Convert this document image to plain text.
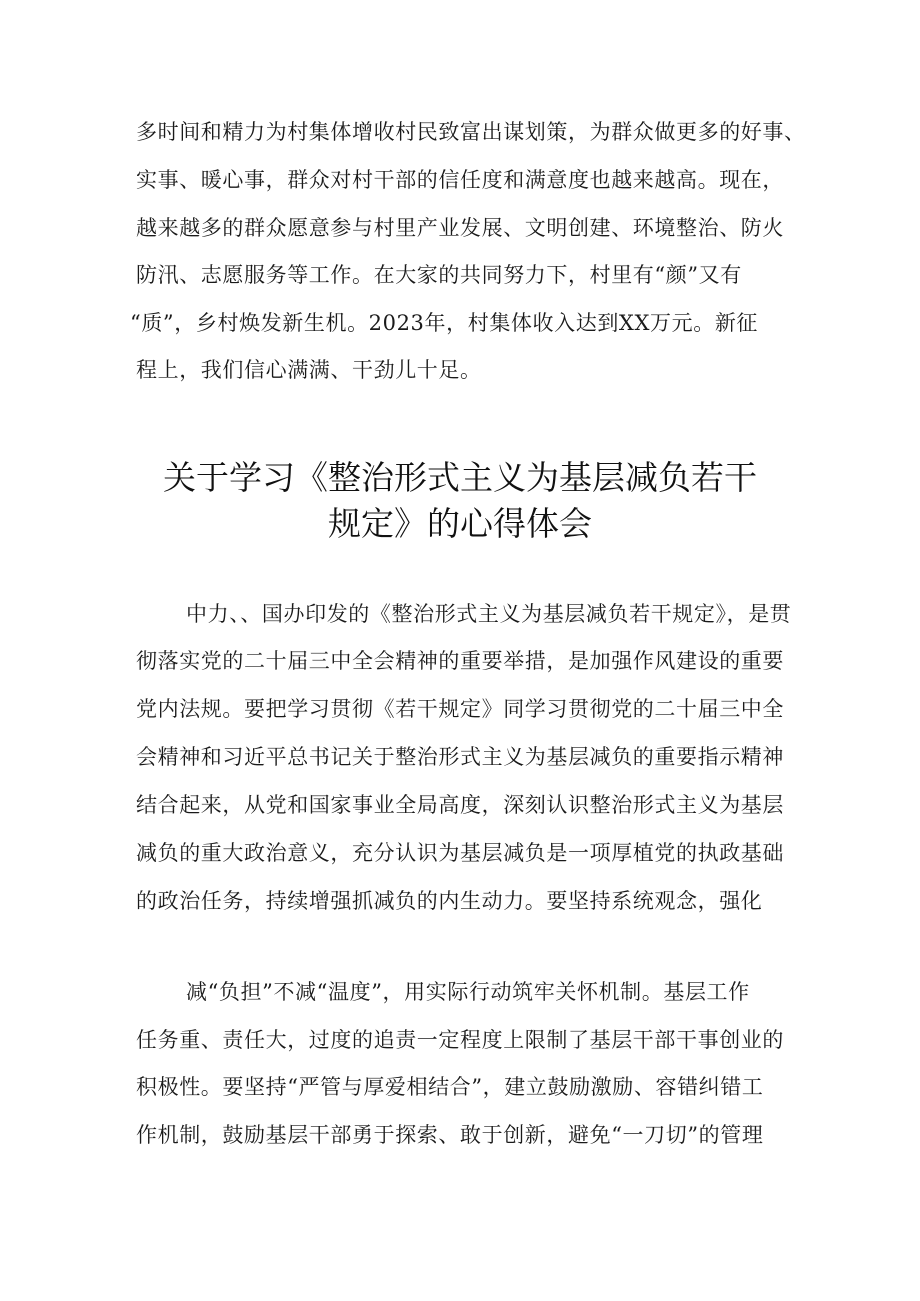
多时间和精力为村集体增收村民致富出谋划策，为群众做更多的好事、
实事、暖心事，群众对村干部的信任度和满意度也越来越高。现在，
越来越多的群众愿意参与村里产业发展、文明创建、环境整治、防火
防汛、志愿服务等工作。在大家的共同努力下，村里有“颜”又有
“质”，乡村焕发新生机。2023年，村集体收入达到XX万元。新征
程上，我们信心满满、干劲儿十足。
关于学习《整治形式主义为基层减负若干
规定》的心得体会
中力、、国办印发的《整治形式主义为基层减负若干规定》，是贯
彻落实党的二十届三中全会精神的重要举措，是加强作风建设的重要
党内法规。要把学习贯彻《若干规定》同学习贯彻党的二十届三中全
会精神和习近平总书记关于整治形式主义为基层减负的重要指示精神
结合起来，从党和国家事业全局高度，深刻认识整治形式主义为基层
减负的重大政治意义，充分认识为基层减负是一项厚植党的执政基础
的政治任务，持续增强抓减负的内生动力。要坚持系统观念，强化
减“负担”不减“温度”，用实际行动筑牢关怀机制。基层工作
任务重、责任大，过度的追责一定程度上限制了基层干部干事创业的
积极性。要坚持“严管与厚爱相结合”，建立鼓励激励、容错纠错工
作机制，鼓励基层干部勇于探索、敢于创新，避免“一刀切”的管理
